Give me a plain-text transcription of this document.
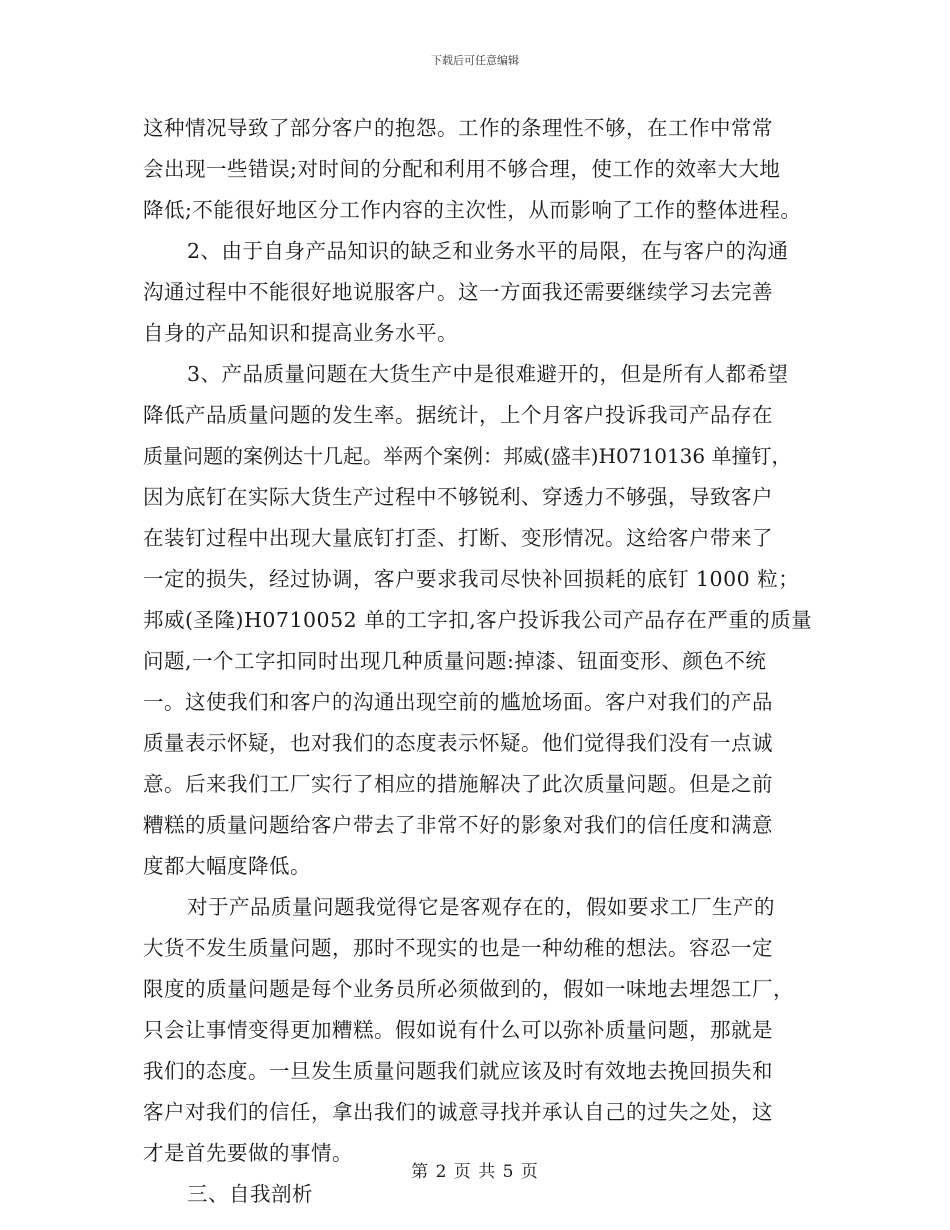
下载后可任意编辑
这种情况导致了部分客户的抱怨。工作的条理性不够，在工作中常常
会出现一些错误;对时间的分配和利用不够合理，使工作的效率大大地
降低;不能很好地区分工作内容的主次性，从而影响了工作的整体进程。
2、由于自身产品知识的缺乏和业务水平的局限，在与客户的沟通
沟通过程中不能很好地说服客户。这一方面我还需要继续学习去完善
自身的产品知识和提高业务水平。
3、产品质量问题在大货生产中是很难避开的，但是所有人都希望
降低产品质量问题的发生率。据统计，上个月客户投诉我司产品存在
质量问题的案例达十几起。举两个案例：邦威(盛丰)H0710136 单撞钉，
因为底钉在实际大货生产过程中不够锐利、穿透力不够强，导致客户
在装钉过程中出现大量底钉打歪、打断、变形情况。这给客户带来了
一定的损失，经过协调，客户要求我司尽快补回损耗的底钉 1000 粒；
邦威(圣隆)H0710052 单的工字扣,客户投诉我公司产品存在严重的质量
问题,一个工字扣同时出现几种质量问题:掉漆、钮面变形、颜色不统
一。这使我们和客户的沟通出现空前的尴尬场面。客户对我们的产品
质量表示怀疑，也对我们的态度表示怀疑。他们觉得我们没有一点诚
意。后来我们工厂实行了相应的措施解决了此次质量问题。但是之前
糟糕的质量问题给客户带去了非常不好的影象对我们的信任度和满意
度都大幅度降低。
对于产品质量问题我觉得它是客观存在的，假如要求工厂生产的
大货不发生质量问题，那时不现实的也是一种幼稚的想法。容忍一定
限度的质量问题是每个业务员所必须做到的，假如一味地去埋怨工厂，
只会让事情变得更加糟糕。假如说有什么可以弥补质量问题，那就是
我们的态度。一旦发生质量问题我们就应该及时有效地去挽回损失和
客户对我们的信任，拿出我们的诚意寻找并承认自己的过失之处，这
才是首先要做的事情。
三、自我剖析
第 2 页 共 5 页
